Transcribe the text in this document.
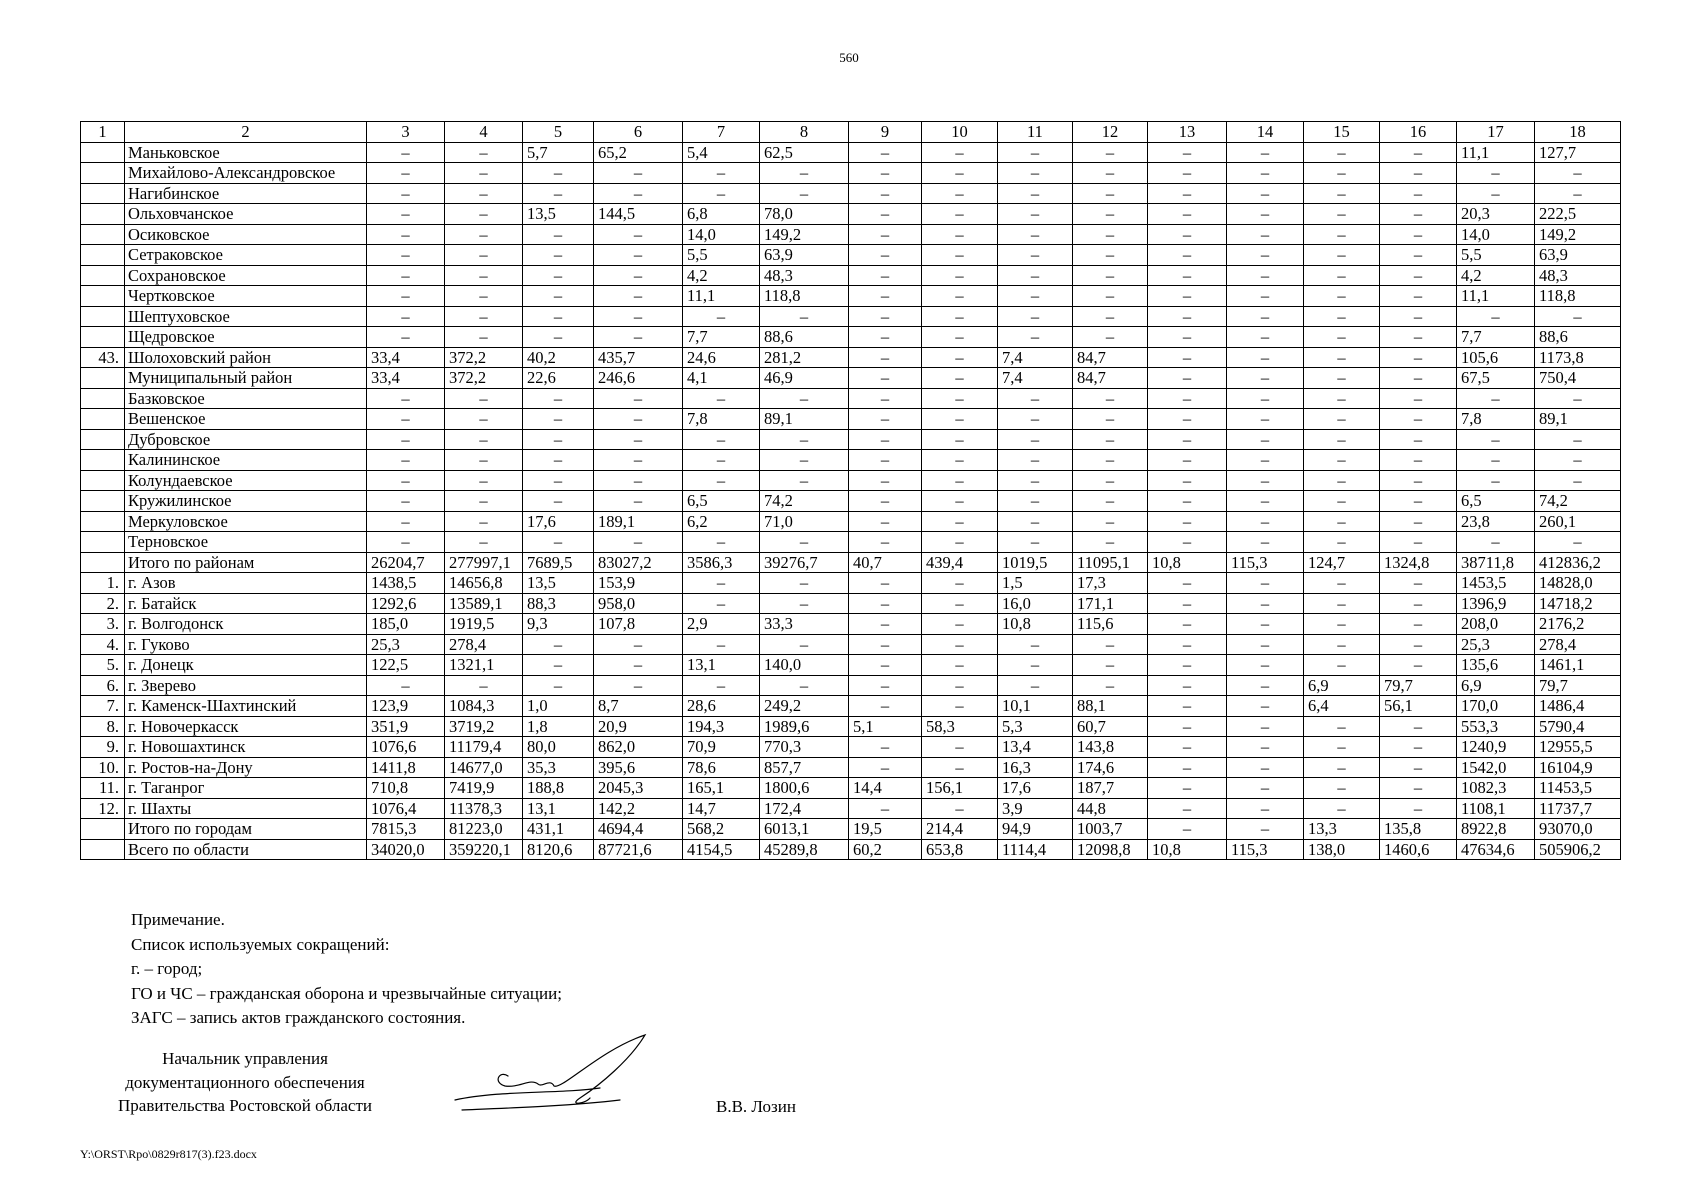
560
1	2	3	4	5	6	7	8	9	10	11	12	13	14	15	16	17	18
	Маньковское	–	–	5,7	65,2	5,4	62,5	–	–	–	–	–	–	–	–	11,1	127,7
	Михайлово-Александровское	–	–	–	–	–	–	–	–	–	–	–	–	–	–	–	–
	Нагибинское	–	–	–	–	–	–	–	–	–	–	–	–	–	–	–	–
	Ольховчанское	–	–	13,5	144,5	6,8	78,0	–	–	–	–	–	–	–	–	20,3	222,5
	Осиковское	–	–	–	–	14,0	149,2	–	–	–	–	–	–	–	–	14,0	149,2
	Сетраковское	–	–	–	–	5,5	63,9	–	–	–	–	–	–	–	–	5,5	63,9
	Сохрановское	–	–	–	–	4,2	48,3	–	–	–	–	–	–	–	–	4,2	48,3
	Чертковское	–	–	–	–	11,1	118,8	–	–	–	–	–	–	–	–	11,1	118,8
	Шептуховское	–	–	–	–	–	–	–	–	–	–	–	–	–	–	–	–
	Щедровское	–	–	–	–	7,7	88,6	–	–	–	–	–	–	–	–	7,7	88,6
43.	Шолоховский район	33,4	372,2	40,2	435,7	24,6	281,2	–	–	7,4	84,7	–	–	–	–	105,6	1173,8
	Муниципальный район	33,4	372,2	22,6	246,6	4,1	46,9	–	–	7,4	84,7	–	–	–	–	67,5	750,4
	Базковское	–	–	–	–	–	–	–	–	–	–	–	–	–	–	–	–
	Вешенское	–	–	–	–	7,8	89,1	–	–	–	–	–	–	–	–	7,8	89,1
	Дубровское	–	–	–	–	–	–	–	–	–	–	–	–	–	–	–	–
	Калининское	–	–	–	–	–	–	–	–	–	–	–	–	–	–	–	–
	Колундаевское	–	–	–	–	–	–	–	–	–	–	–	–	–	–	–	–
	Кружилинское	–	–	–	–	6,5	74,2	–	–	–	–	–	–	–	–	6,5	74,2
	Меркуловское	–	–	17,6	189,1	6,2	71,0	–	–	–	–	–	–	–	–	23,8	260,1
	Терновское	–	–	–	–	–	–	–	–	–	–	–	–	–	–	–	–
	Итого по районам	26204,7	277997,1	7689,5	83027,2	3586,3	39276,7	40,7	439,4	1019,5	11095,1	10,8	115,3	124,7	1324,8	38711,8	412836,2
1.	г. Азов	1438,5	14656,8	13,5	153,9	–	–	–	–	1,5	17,3	–	–	–	–	1453,5	14828,0
2.	г. Батайск	1292,6	13589,1	88,3	958,0	–	–	–	–	16,0	171,1	–	–	–	–	1396,9	14718,2
3.	г. Волгодонск	185,0	1919,5	9,3	107,8	2,9	33,3	–	–	10,8	115,6	–	–	–	–	208,0	2176,2
4.	г. Гуково	25,3	278,4	–	–	–	–	–	–	–	–	–	–	–	–	25,3	278,4
5.	г. Донецк	122,5	1321,1	–	–	13,1	140,0	–	–	–	–	–	–	–	–	135,6	1461,1
6.	г. Зверево	–	–	–	–	–	–	–	–	–	–	–	–	6,9	79,7	6,9	79,7
7.	г. Каменск-Шахтинский	123,9	1084,3	1,0	8,7	28,6	249,2	–	–	10,1	88,1	–	–	6,4	56,1	170,0	1486,4
8.	г. Новочеркасск	351,9	3719,2	1,8	20,9	194,3	1989,6	5,1	58,3	5,3	60,7	–	–	–	–	553,3	5790,4
9.	г. Новошахтинск	1076,6	11179,4	80,0	862,0	70,9	770,3	–	–	13,4	143,8	–	–	–	–	1240,9	12955,5
10.	г. Ростов-на-Дону	1411,8	14677,0	35,3	395,6	78,6	857,7	–	–	16,3	174,6	–	–	–	–	1542,0	16104,9
11.	г. Таганрог	710,8	7419,9	188,8	2045,3	165,1	1800,6	14,4	156,1	17,6	187,7	–	–	–	–	1082,3	11453,5
12.	г. Шахты	1076,4	11378,3	13,1	142,2	14,7	172,4	–	–	3,9	44,8	–	–	–	–	1108,1	11737,7
	Итого по городам	7815,3	81223,0	431,1	4694,4	568,2	6013,1	19,5	214,4	94,9	1003,7	–	–	13,3	135,8	8922,8	93070,0
	Всего по области	34020,0	359220,1	8120,6	87721,6	4154,5	45289,8	60,2	653,8	1114,4	12098,8	10,8	115,3	138,0	1460,6	47634,6	505906,2
Примечание.
Список используемых сокращений:
г. – город;
ГО и ЧС – гражданская оборона и чрезвычайные ситуации;
ЗАГС – запись актов гражданского состояния.
Начальник управления
документационного обеспечения
Правительства Ростовской области	В.В. Лозин
Y:\ORST\Rpo\0829r817(3).f23.docx
